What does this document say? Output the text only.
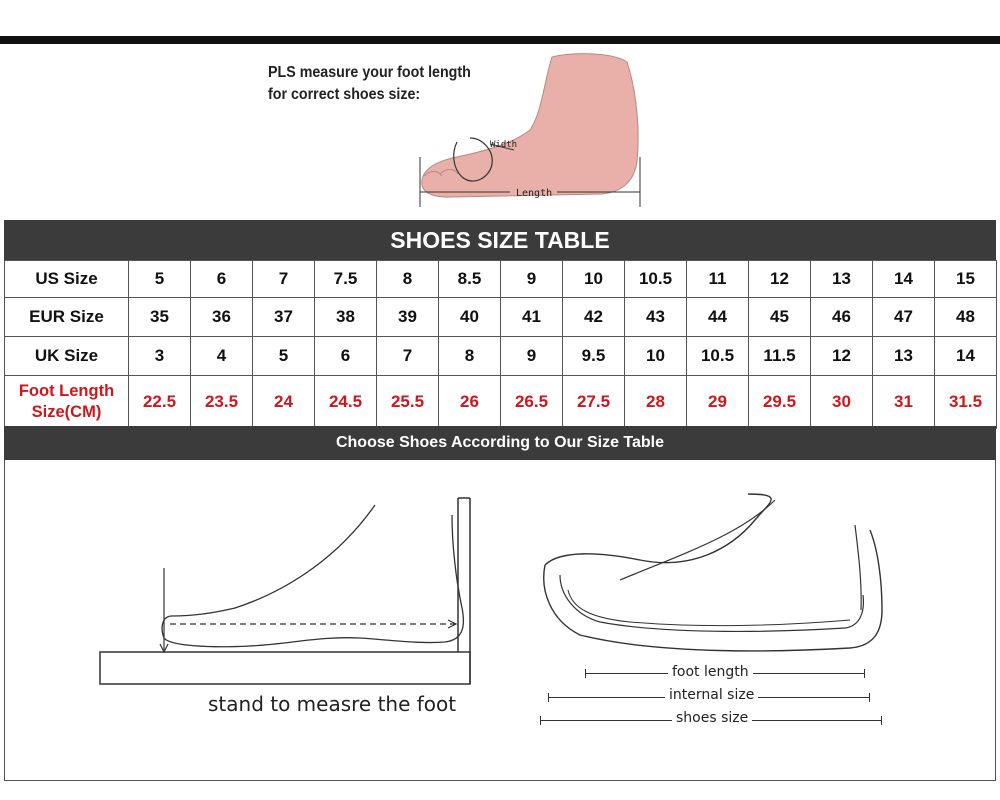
PLS measure your foot length
for correct shoes size:
Width
Length
SHOES SIZE TABLE
US Size	5	6	7	7.5	8	8.5	9	10	10.5	11	12	13	14	15
EUR Size	35	36	37	38	39	40	41	42	43	44	45	46	47	48
UK Size	3	4	5	6	7	8	9	9.5	10	10.5	11.5	12	13	14

Foot Length
Size(CM)	22.5	23.5	24	24.5	25.5	26	26.5	27.5	28	29	29.5	30	31	31.5
Choose Shoes According to Our Size Table
stand to measre the foot
foot length
internal size
shoes size
